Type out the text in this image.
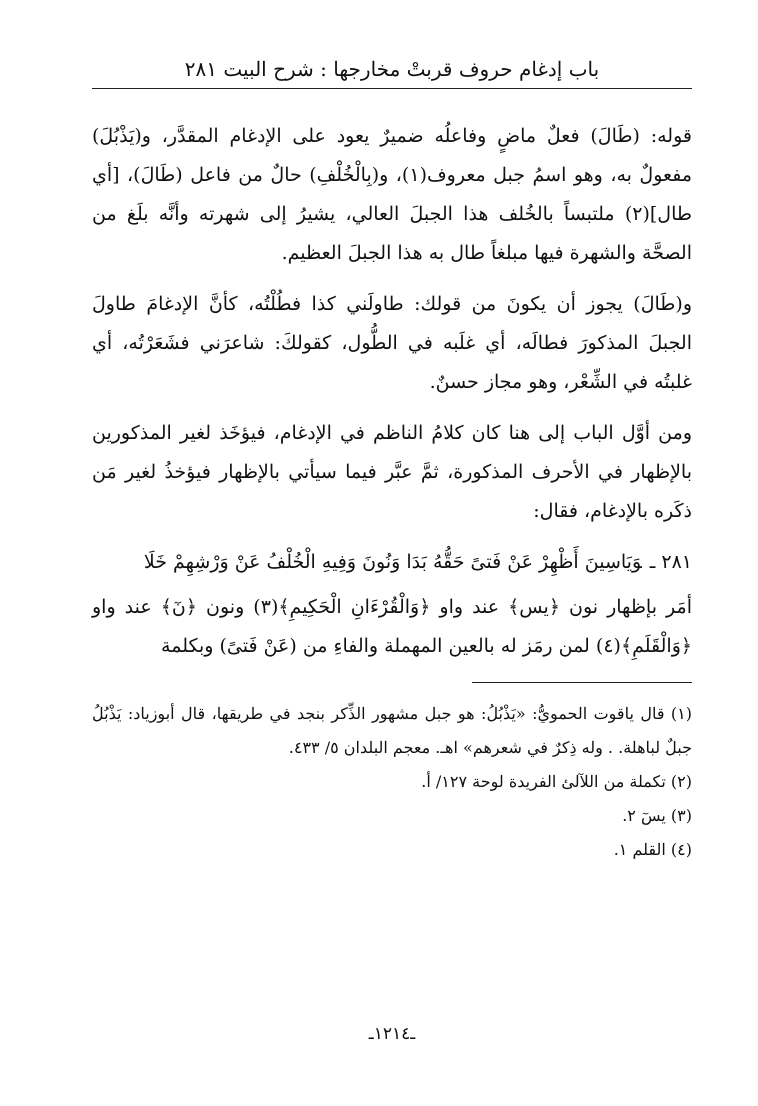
باب إدغام حروف قربتْ مخارجها : شرح البيت ٢٨١

قوله: (طَالَ) فعلٌ ماضٍ وفاعلُه ضميرٌ يعود على الإدغام المقدَّر، و(يَذْبُلَ) مفعولٌ به، وهو اسمُ جبل معروف(١)، و(بِالْخُلْفِ) حالٌ من فاعل (طَالَ)، [أي طال](٢) ملتبساً بالخُلف هذا الجبلَ العالي، يشيرُ إلى شهرته وأنَّه بلَغ من الصحَّة والشهرة فيها مبلغاً طال به هذا الجبلَ العظيم.

و(طَالَ) يجوز أن يكونَ من قولك: طاولَني كذا فطُلْتُه، كأنَّ الإدغامَ طاولَ الجبلَ المذكورَ فطالَه، أي غلَبه في الطُّول، كقولكَ: شاعرَني فشَعَرْتُه، أي غلبتُه في الشِّعْر، وهو مجاز حسنٌ.

ومن أوَّل الباب إلى هنا كان كلامُ الناظم في الإدغام، فيؤخَذ لغير المذكورين بالإظهار في الأحرف المذكورة، ثمَّ عبَّر فيما سيأتي بالإظهار فيؤخذُ لغير مَن ذكَره بالإدغام، فقال:

٢٨١ ـوَيَاسِينَ أَظْهِرْ عَنْ فَتىً حَقُّهُ بَدَا وَنُونَ وَفِيهِ الْخُلْفُ عَنْ وَرْشِهِمْ خَلَا

أمَر بإظهار نون ﴿يس﴾ عند واو ﴿وَالْقُرْءَانِ الْحَكِيمِ﴾(٣) ونون ﴿نٓ﴾ عند واو ﴿وَالْقَلَمِ﴾(٤) لمن رمَز له بالعين المهملة والفاءِ من (عَنْ فَتىً) وبكلمة

(١) قال ياقوت الحمويُّ: «يَذْبُلُ: هو جبل مشهور الذِّكر بنجد في طريقها، قال أبوزياد: يَذْبُلُ جبلٌ لباهلة. . وله ذِكرٌ في شعرهم» اهـ. معجم البلدان ٥/ ٤٣٣.

(٢) تكملة من اللآلئ الفريدة لوحة ١٢٧/ أ.

(٣) يسٓ ٢.

(٤) القلم ١.

ـ١٢١٤ـ
